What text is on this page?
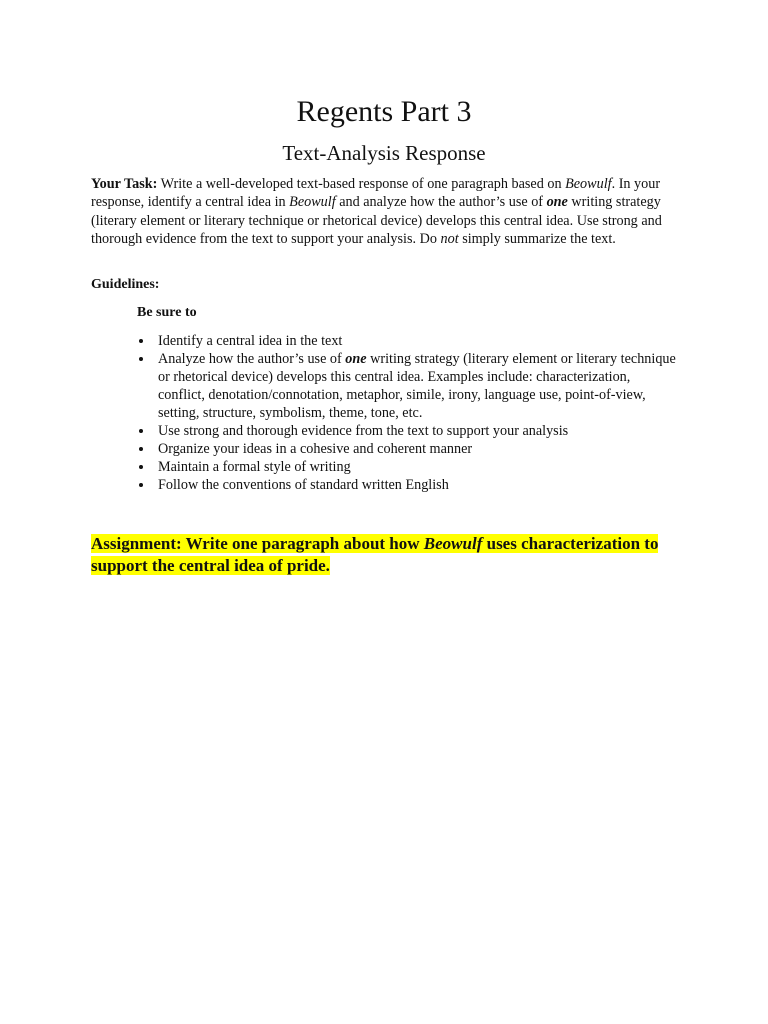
Regents Part 3
Text-Analysis Response
Your Task: Write a well-developed text-based response of one paragraph based on Beowulf. In your response, identify a central idea in Beowulf and analyze how the author’s use of one writing strategy (literary element or literary technique or rhetorical device) develops this central idea. Use strong and thorough evidence from the text to support your analysis. Do not simply summarize the text.
Guidelines:
Be sure to
Identify a central idea in the text
Analyze how the author’s use of one writing strategy (literary element or literary technique or rhetorical device) develops this central idea. Examples include: characterization, conflict, denotation/connotation, metaphor, simile, irony, language use, point-of-view, setting, structure, symbolism, theme, tone, etc.
Use strong and thorough evidence from the text to support your analysis
Organize your ideas in a cohesive and coherent manner
Maintain a formal style of writing
Follow the conventions of standard written English
Assignment: Write one paragraph about how Beowulf uses characterization to support the central idea of pride.
